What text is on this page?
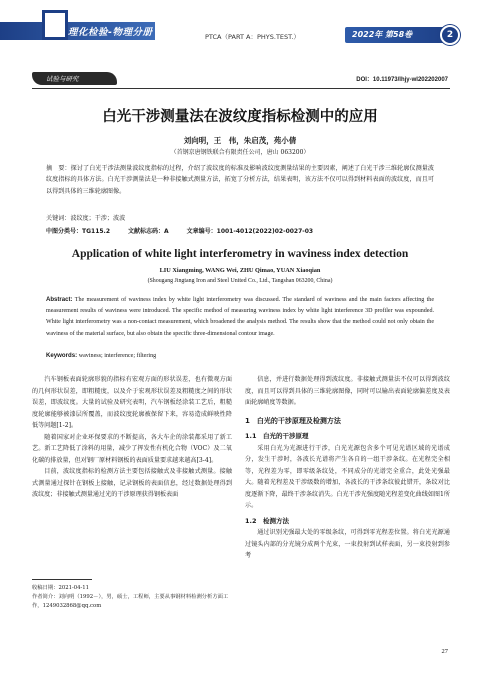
理化检验-物理分册	PTCA（PART A：PHYS.TEST.）	2022年 第58卷	2
试验与研究	DOI：10.11973/lhjy-wl202202007
白光干涉测量法在波纹度指标检测中的应用
刘向明，王　伟，朱启茂，苑小倩
（首钢京唐钢铁联合有限责任公司，唐山 063200）
摘　要：探讨了白光干涉法测量波纹度指标的过程，介绍了波纹度的标准及影响波纹度测量结果的主要因素，阐述了白光干涉三维轮廓仪测量波纹度指标的具体方法。白光干涉测量法是一种非接触式测量方法，拓宽了分析方法，结果表明，该方法不仅可以得到材料表面的波纹度，而且可以得到具体的三维轮廓图像。
关键词：波纹度；干涉；波波
中图分类号：TG115.2	文献标志码：A	文章编号：1001-4012(2022)02-0027-03
Application of white light interferometry in waviness index detection
LIU Xiangming, WANG Wei, ZHU Qimao, YUAN Xiaoqian
(Shougang Jingtang Iron and Steel United Co., Ltd., Tangshan 063200, China)
Abstract: The measurement of waviness index by white light interferometry was discussed. The standard of waviness and the main factors affecting the measurement results of waviness were introduced. The specific method of measuring waviness index by white light interference 3D profiler was expounded. White light interferometry was a non-contact measurement, which broadened the analysis method. The results show that the method could not only obtain the waviness of the material surface, but also obtain the specific three-dimensional contour image.
Keywords: waviness; interference; filtering

汽车钢板表面轮廓形貌的指标有宏观方面的形状误差，也有微观方面的几何形状误差，即粗糙度，以及介于宏观形状误差及粗糙度之间的形状误差，即波纹度。大量的试验及研究表明，汽车钢板经涂装工艺后，粗糙度轮廓能够被漆层所覆盖，而波纹度轮廓被保留下来，容易造成鲜映性降低等问题[1-2]。

随着国家对企业环保要求的不断提高，各大车企的涂装都采用了新工艺。新工艺降低了涂料的用量，减少了挥发性有机化合物（VOC）及二氧化碳的排放量，但对钢厂原材料钢板的表面质量要求越来越高[3-4]。

目前，波纹度指标的检测方法主要包括接触式及非接触式测量。接触式测量通过探针在钢板上接触，记录钢板的表面信息，经过数据处理得到波纹度；非接触式测量通过光的干涉原理获得钢板表面

信息，并进行数据处理得到波纹度。非接触式测量法不仅可以得到波纹度，而且可以得到具体的三维轮廓图像，同时可以输出表面轮廓偏差度及表面轮廓峭度等数据。

1　白光的干涉原理及检测方法

1.1　白光的干涉原理

采用白光为光源进行干涉，白光光源包含多个可见光谱区域的光谱成分，发生干涉时，各波长光谱将产生各自的一组干涉条纹。在光程完全相等，光程差为零，即零级条纹处，不同成分的光谱完全重合，此处光强最大。随着光程差及干涉级数的增加，各波长的干涉条纹彼此错开，条纹对比度逐渐下降，最终干涉条纹消失。白光干涉光强度随光程差变化曲线如图1所示。

1.2　检测方法

通过识别光强最大处的零级条纹，可得到零光程差位置。将白光光源通过镜头内部的分光镜分成两个光束，一束投射到试样表面，另一束投射到参考

收稿日期：2021-04-11
作者简介：刘向明（1992－），男，硕士，工程师，主要从事钢材料检测分析方面工作，1249032868@qq.com
27
